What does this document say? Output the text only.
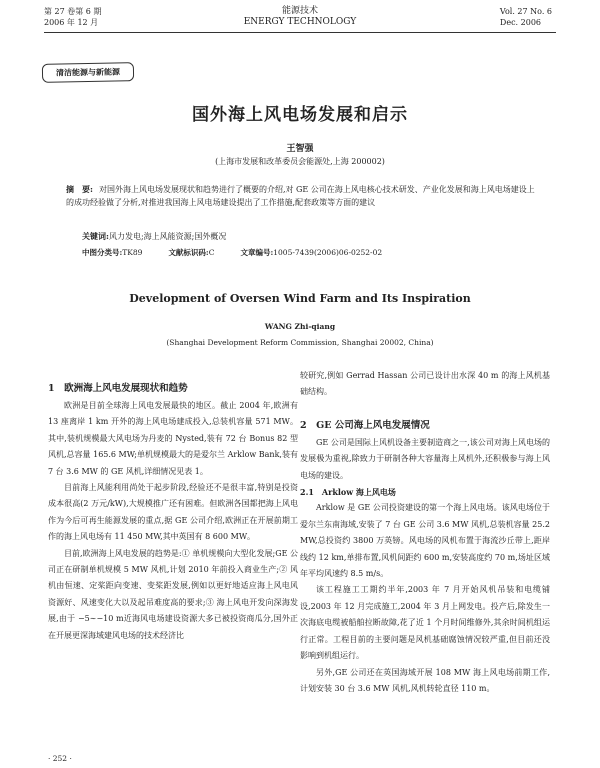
第 27 卷第 6 期
2006 年 12 月
能源技术
ENERGY TECHNOLOGY
Vol. 27 No. 6
Dec. 2006
清洁能源与新能源
国外海上风电场发展和启示
王智强
(上海市发展和改革委员会能源处,上海 200002)
摘　要: 对国外海上风电场发展现状和趋势进行了概要的介绍,对 GE 公司在海上风电核心技术研发、产业化发展和海上风电场建设上的成功经验做了分析,对推进我国海上风电场建设提出了工作措施,配套政策等方面的建议
关键词:风力发电;海上风能资源;国外概况
中图分类号:TK89	文献标识码:C	文章编号:1005-7439(2006)06-0252-02
Development of Oversen Wind Farm and Its Inspiration
WANG Zhi-qiang
(Shanghai Development Reform Commission, Shanghai 20002, China)

1　欧洲海上风电发展现状和趋势

欧洲是目前全球海上风电发展最快的地区。截止 2004 年,欧洲有 13 座离岸 1 km 开外的海上风电场建成投入,总装机容量 571 MW。其中,装机规模最大风电场为丹麦的 Nysted,装有 72 台 Bonus 82 型风机,总容量 165.6 MW;单机规模最大的是爱尔兰 Arklow Bank,装有 7 台 3.6 MW 的 GE 风机,详细情况见表 1。

目前海上风能利用尚处于起步阶段,经验还不是很丰富,特别是投资成本很高(2 万元/kW),大规模推广还有困难。但欧洲各国都把海上风电作为今后可再生能源发展的重点,据 GE 公司介绍,欧洲正在开展前期工作的海上风电场有 11 450 MW,其中英国有 8 600 MW。

目前,欧洲海上风电发展的趋势是:① 单机规模向大型化发展;GE 公司正在研制单机规模 5 MW 风机,计划 2010 年前投入商业生产;② 风机由恒速、定桨距向变速、变桨距发展,例如以更好地适应海上风电风资源好、风速变化大以及起吊难度高的要求;③ 海上风电开发向深海发展,由于 −5∼−10 m近海风电场建设资源大多已被投资商瓜分,国外正在开展更深海域建风电场的技术经济比

较研究,例如 Gerrad Hassan 公司已设计出水深 40 m 的海上风机基础结构。

2　GE 公司海上风电发展情况

GE 公司是国际上风机设备主要制造商之一,该公司对海上风电场的发展极为重视,除致力于研制各种大容量海上风机外,还积极参与海上风电场的建设。

2.1　Arklow 海上风电场

Arklow 是 GE 公司投资建设的第一个海上风电场。该风电场位于爱尔兰东南海域,安装了 7 台 GE 公司 3.6 MW 风机,总装机容量 25.2 MW,总投资约 3800 万英镑。风电场的风机布置于海流沙丘带上,距岸线约 12 km,单排布置,风机间距约 600 m,安装高度约 70 m,场址区域年平均风速约 8.5 m/s。

该工程施工工期约半年,2003 年 7 月开始风机吊装和电缆铺设,2003 年 12 月完成施工,2004 年 3 月上网发电。投产后,除发生一次海底电缆被船舶拉断故障,花了近 1 个月时间维修外,其余时间机组运行正常。工程目前的主要问题是风机基础腐蚀情况较严重,但目前还没影响到机组运行。

另外,GE 公司还在英国海域开展 108 MW 海上风电场前期工作,计划安装 30 台 3.6 MW 风机,风机转轮直径 110 m。

· 252 ·
